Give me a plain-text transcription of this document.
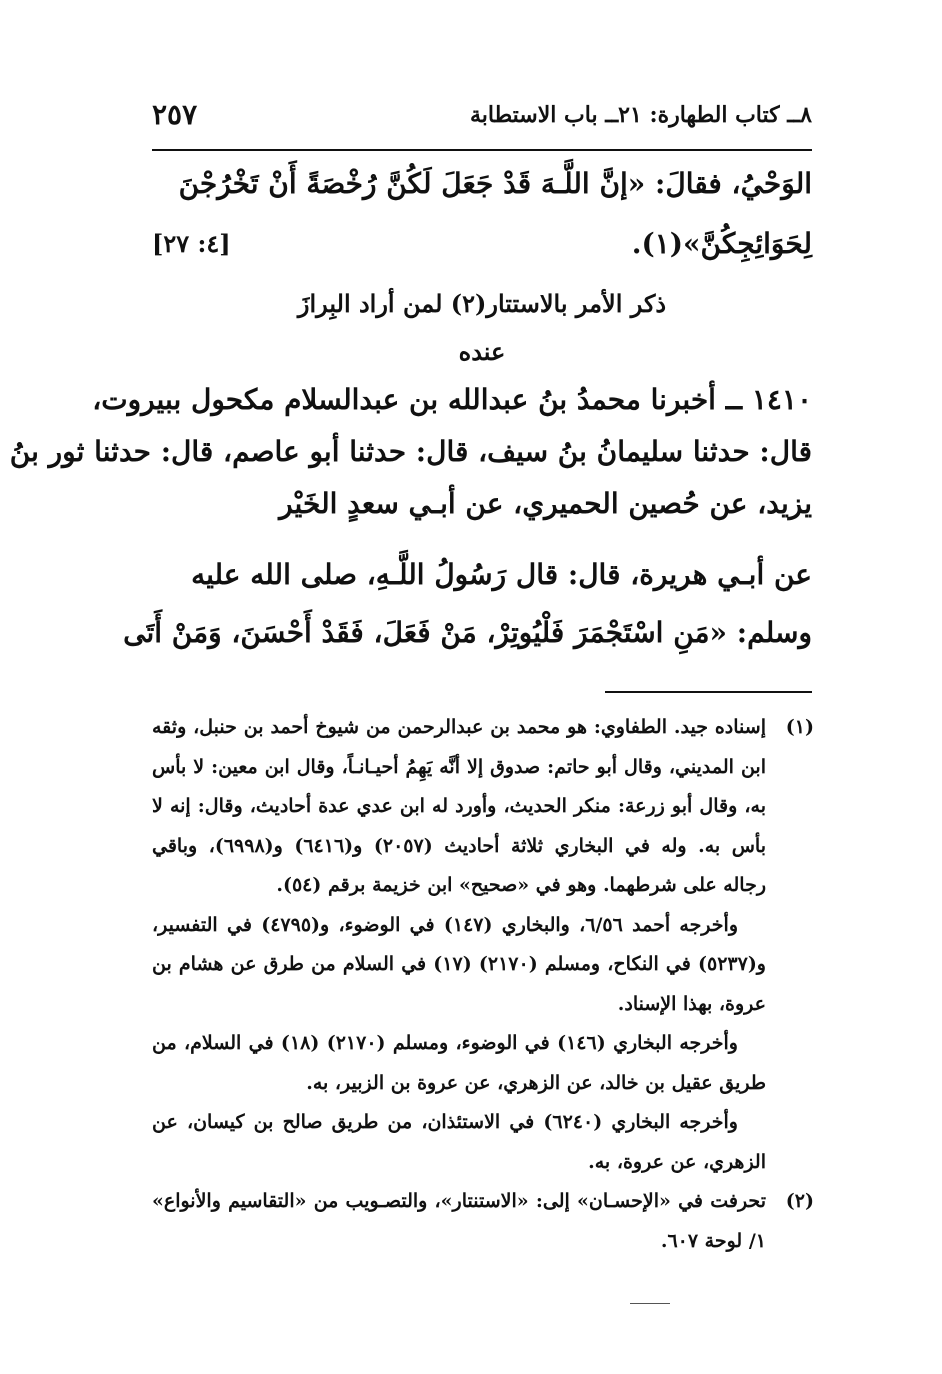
٨ــ كتاب الطهارة: ٢١ــ باب الاستطابة
٢٥٧
الوَحْيُ، فقالَ: «إنَّ اللَّـهَ قَدْ جَعَلَ لَكُنَّ رُخْصَةً أَنْ تَخْرُجْنَ
لِحَوَائِجِكُنَّ»(١).
[٤: ٢٧]
ذكر الأمر بالاستتار(٢) لمن أراد البِرازَ
عنده
١٤١٠ ــ أخبرنا محمدُ بنُ عبدالله بن عبدالسلام مكحول ببيروت،
قال: حدثنا سليمانُ بنُ سيف، قال: حدثنا أبو عاصم، قال: حدثنا ثور بنُ
يزيد، عن حُصين الحميري، عن أبـي سعدٍ الخَيْر
عن أبـي هريرة، قال: قال رَسُولُ اللَّـهِ، صلى الله عليه
وسلم: «مَنِ اسْتَجْمَرَ فَلْيُوتِرْ، مَنْ فَعَلَ، فَقَدْ أَحْسَنَ، وَمَنْ أَتَى
(١)

إسناده جيد. الطفاوي: هو محمد بن عبدالرحمن من شيوخ أحمد بن حنبل، وثقه ابن المديني، وقال أبو حاتم: صدوق إلا أنَّه يَهِمُ أحيـانـاً، وقال ابن معين: لا بأس به، وقال أبو زرعة: منكر الحديث، وأورد له ابن عدي عدة أحاديث، وقال: إنه لا بأس به. وله في البخاري ثلاثة أحاديث (٢٠٥٧) و(٦٤١٦) و(٦٩٩٨)، وباقي رجاله على شرطهما. وهو في «صحيح» ابن خزيمة برقم (٥٤).

وأخرجه أحمد ٦/٥٦، والبخاري (١٤٧) في الوضوء، و(٤٧٩٥) في التفسير، و(٥٢٣٧) في النكاح، ومسلم (٢١٧٠) (١٧) في السلام من طرق عن هشام بن عروة، بهذا الإسناد.

وأخرجه البخاري (١٤٦) في الوضوء، ومسلم (٢١٧٠) (١٨) في السلام، من طريق عقيل بن خالد، عن الزهري، عن عروة بن الزبير، به.

وأخرجه البخاري (٦٢٤٠) في الاستئذان، من طريق صالح بن كيسان، عن الزهري، عن عروة، به.

(٢)

تحرفت في «الإحسـان» إلى: «الاستنتار»، والتصـويب من «التقاسيم والأنواع» ١/ لوحة ٦٠٧.
